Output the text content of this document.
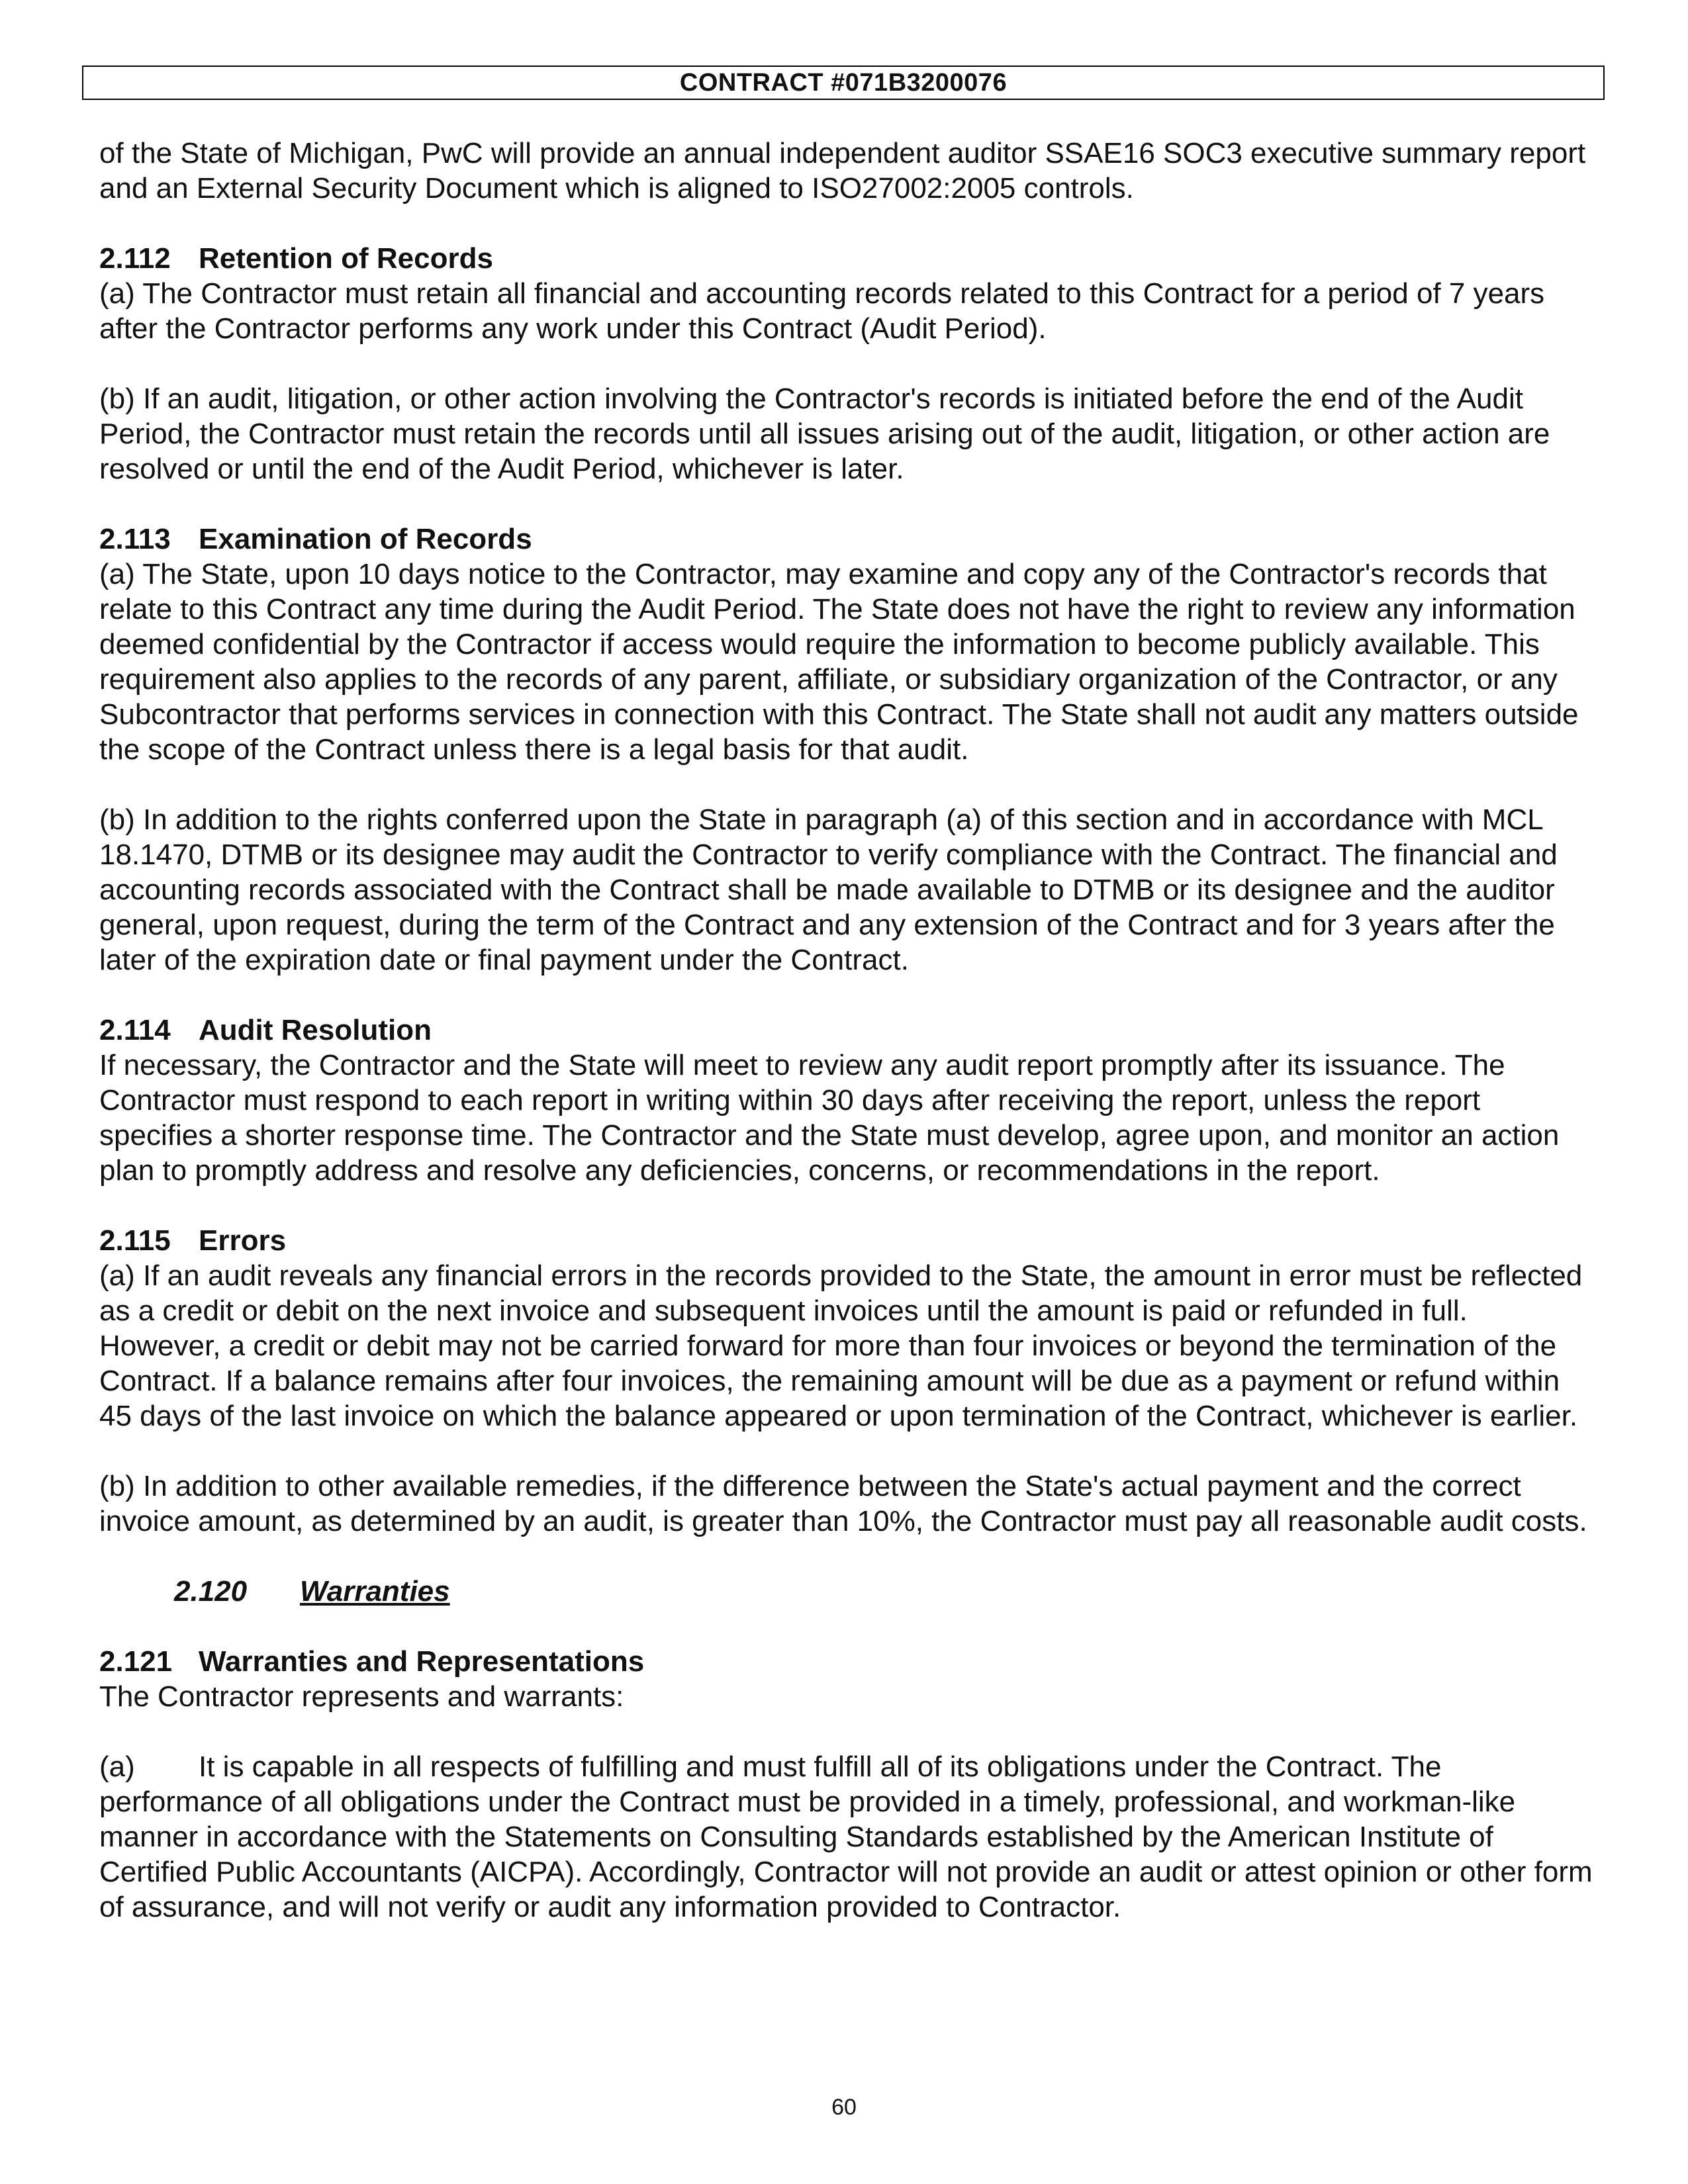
CONTRACT #071B3200076

of the State of Michigan, PwC will provide an annual independent auditor SSAE16 SOC3 executive summary report and an External Security Document which is aligned to ISO27002:2005 controls.

2.112 Retention of Records

(a) The Contractor must retain all financial and accounting records related to this Contract for a period of 7 years after the Contractor performs any work under this Contract (Audit Period).

(b) If an audit, litigation, or other action involving the Contractor's records is initiated before the end of the Audit Period, the Contractor must retain the records until all issues arising out of the audit, litigation, or other action are resolved or until the end of the Audit Period, whichever is later.

2.113 Examination of Records

(a) The State, upon 10 days notice to the Contractor, may examine and copy any of the Contractor's records that relate to this Contract any time during the Audit Period. The State does not have the right to review any information deemed confidential by the Contractor if access would require the information to become publicly available. This requirement also applies to the records of any parent, affiliate, or subsidiary organization of the Contractor, or any Subcontractor that performs services in connection with this Contract. The State shall not audit any matters outside the scope of the Contract unless there is a legal basis for that audit.

(b) In addition to the rights conferred upon the State in paragraph (a) of this section and in accordance with MCL 18.1470, DTMB or its designee may audit the Contractor to verify compliance with the Contract. The financial and accounting records associated with the Contract shall be made available to DTMB or its designee and the auditor general, upon request, during the term of the Contract and any extension of the Contract and for 3 years after the later of the expiration date or final payment under the Contract.

2.114 Audit Resolution

If necessary, the Contractor and the State will meet to review any audit report promptly after its issuance. The Contractor must respond to each report in writing within 30 days after receiving the report, unless the report specifies a shorter response time. The Contractor and the State must develop, agree upon, and monitor an action plan to promptly address and resolve any deficiencies, concerns, or recommendations in the report.

2.115 Errors

(a) If an audit reveals any financial errors in the records provided to the State, the amount in error must be reflected as a credit or debit on the next invoice and subsequent invoices until the amount is paid or refunded in full. However, a credit or debit may not be carried forward for more than four invoices or beyond the termination of the Contract. If a balance remains after four invoices, the remaining amount will be due as a payment or refund within 45 days of the last invoice on which the balance appeared or upon termination of the Contract, whichever is earlier.

(b) In addition to other available remedies, if the difference between the State's actual payment and the correct invoice amount, as determined by an audit, is greater than 10%, the Contractor must pay all reasonable audit costs.

2.120 Warranties
2.121 Warranties and Representations

The Contractor represents and warrants:

(a) It is capable in all respects of fulfilling and must fulfill all of its obligations under the Contract. The performance of all obligations under the Contract must be provided in a timely, professional, and workman-like manner in accordance with the Statements on Consulting Standards established by the American Institute of Certified Public Accountants (AICPA). Accordingly, Contractor will not provide an audit or attest opinion or other form of assurance, and will not verify or audit any information provided to Contractor.

60
